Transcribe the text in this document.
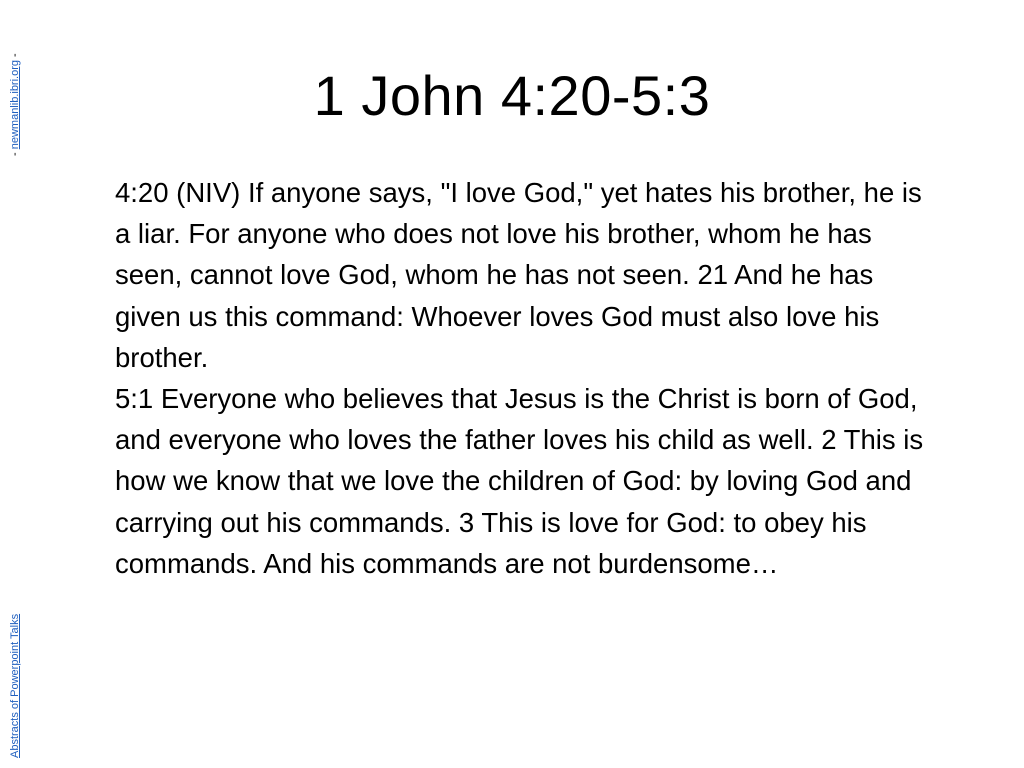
- newmanlib.ibri.org -
Abstracts of Powerpoint Talks
1 John 4:20-5:3

4:20 (NIV) If anyone says, "I love God," yet hates his brother, he is a liar. For anyone who does not love his brother, whom he has seen, cannot love God, whom he has not seen. 21 And he has given us this command: Whoever loves God must also love his brother.

5:1 Everyone who believes that Jesus is the Christ is born of God, and everyone who loves the father loves his child as well. 2 This is how we know that we love the children of God: by loving God and carrying out his commands. 3 This is love for God: to obey his commands. And his commands are not burdensome…
